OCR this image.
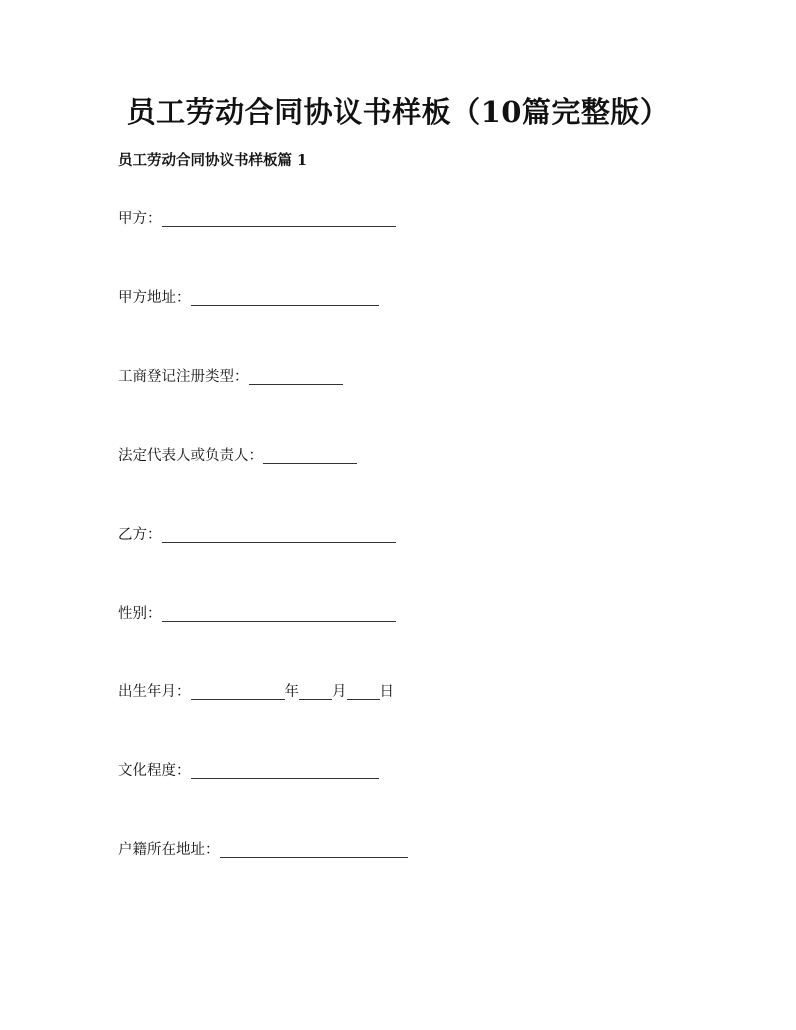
员工劳动合同协议书样板（10篇完整版）
员工劳动合同协议书样板篇 1
甲方：
甲方地址：
工商登记注册类型：
法定代表人或负责人：
乙方：
性别：
出生年月：	年 月 日
文化程度：
户籍所在地址：
